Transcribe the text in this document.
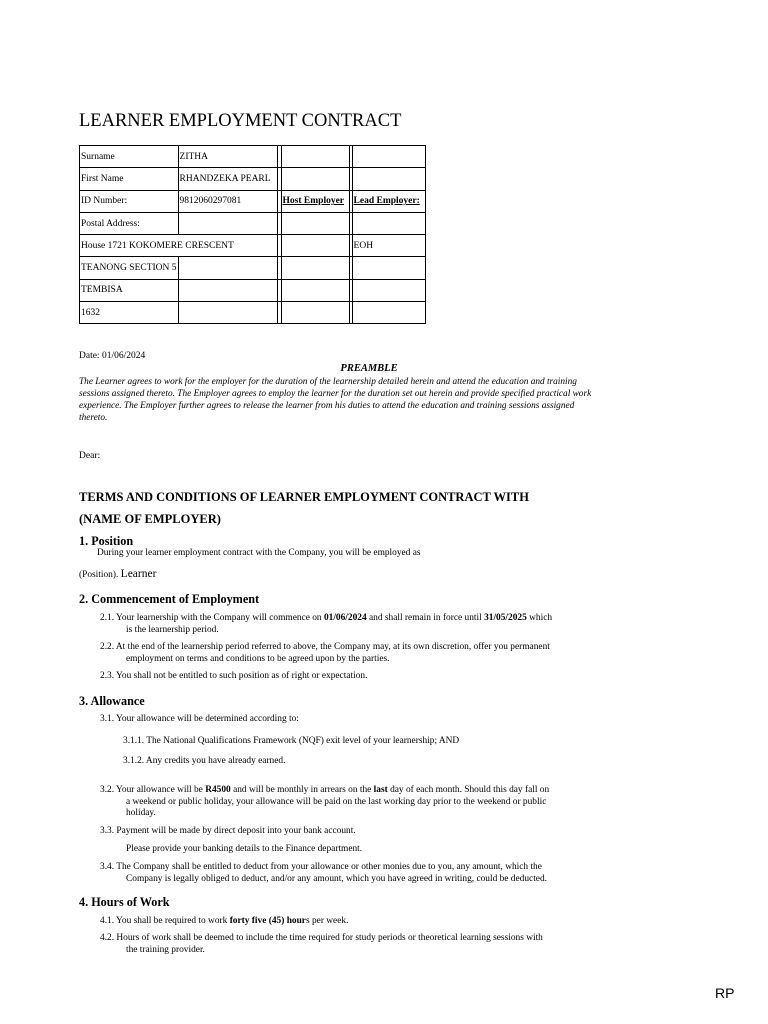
LEARNER EMPLOYMENT CONTRACT
Surname	ZITHA				
First Name	RHANDZEKA PEARL				
ID Number:	9812060297081		Host Employer		Lead Employer:
Postal Address:					
House 1721 KOKOMERE CRESCENT					EOH
TEANONG SECTION 5					
TEMBISA					
1632					
Date: 01/06/2024
PREAMBLE
The Learner agrees to work for the employer for the duration of the learnership detailed herein and attend the education and training sessions assigned thereto. The Employer agrees to employ the learner for the duration set out herein and provide specified practical work experience. The Employer further agrees to release the learner from his duties to attend the education and training sessions assigned thereto.
Dear:
TERMS AND CONDITIONS OF LEARNER EMPLOYMENT CONTRACT WITH
(NAME OF EMPLOYER)
1. Position
During your learner employment contract with the Company, you will be employed as
(Position). Learner
2. Commencement of Employment
2.1. Your learnership with the Company will commence on 01/06/2024 and shall remain in force until 31/05/2025 which
is the learnership period.
2.2. At the end of the learnership period referred to above, the Company may, at its own discretion, offer you permanent
employment on terms and conditions to be agreed upon by the parties.
2.3. You shall not be entitled to such position as of right or expectation.
3. Allowance
3.1. Your allowance will be determined according to:
3.1.1. The National Qualifications Framework (NQF) exit level of your learnership; AND
3.1.2. Any credits you have already earned.
3.2. Your allowance will be R4500 and will be monthly in arrears on the last day of each month. Should this day fall on
a weekend or public holiday, your allowance will be paid on the last working day prior to the weekend or public
holiday.
3.3. Payment will be made by direct deposit into your bank account.
Please provide your banking details to the Finance department.
3.4. The Company shall be entitled to deduct from your allowance or other monies due to you, any amount, which the
Company is legally obliged to deduct, and/or any amount, which you have agreed in writing, could be deducted.
4. Hours of Work
4.1. You shall be required to work forty five (45) hours per week.
4.2. Hours of work shall be deemed to include the time required for study periods or theoretical learning sessions with
the training provider.
RP
